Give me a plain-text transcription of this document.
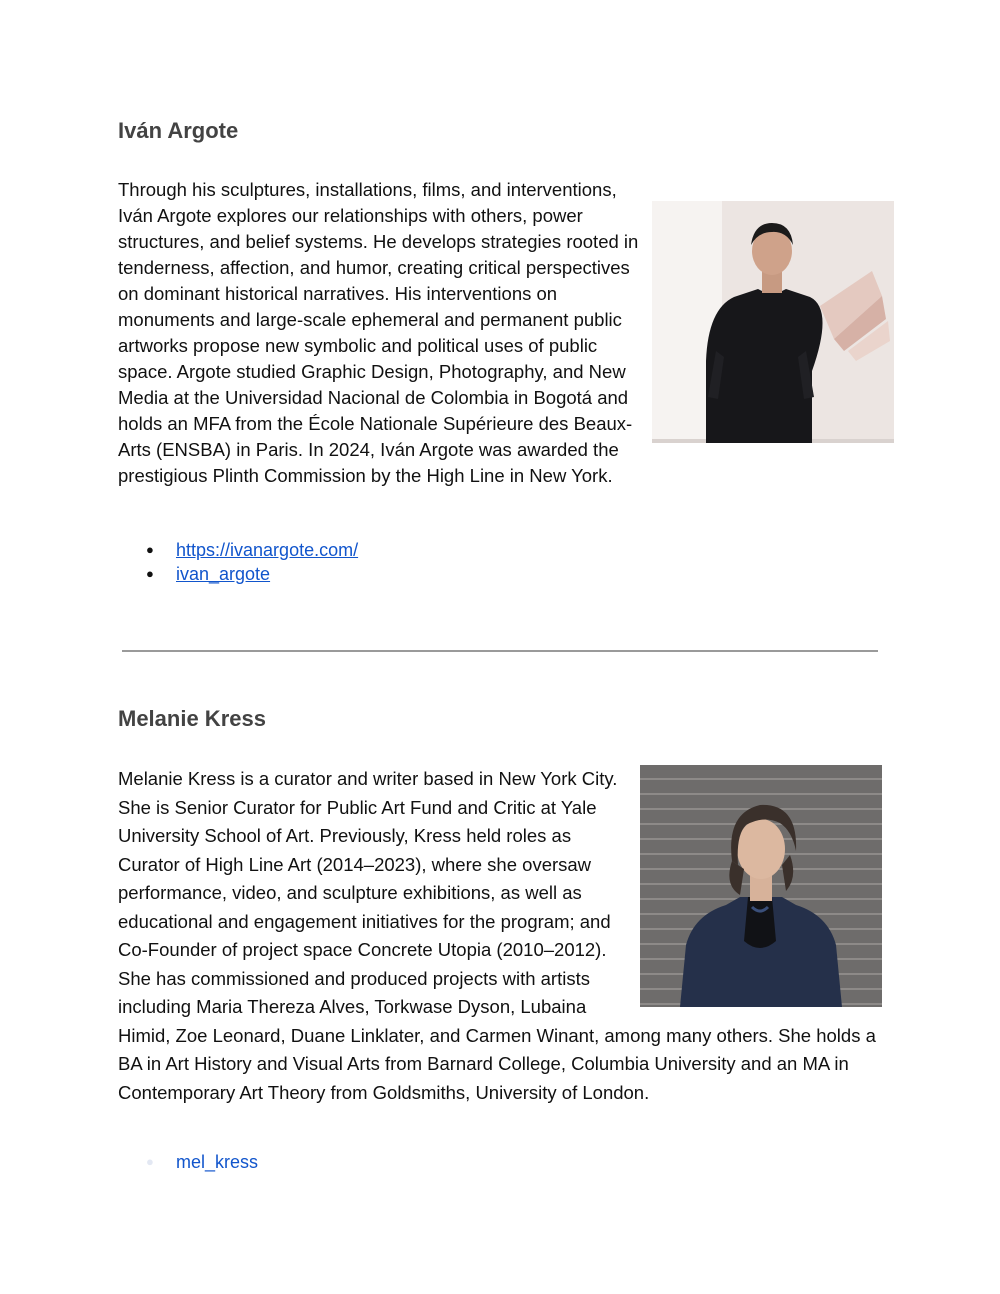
Iván Argote
Through his sculptures, installations, films, and interventions, Iván Argote explores our relationships with others, power structures, and belief systems. He develops strategies rooted in tenderness, affection, and humor, creating critical perspectives on dominant historical narratives. His interventions on monuments and large-scale ephemeral and permanent public artworks propose new symbolic and political uses of public space. Argote studied Graphic Design, Photography, and New Media at the Universidad Nacional de Colombia in Bogotá and holds an MFA from the École Nationale Supérieure des Beaux-Arts (ENSBA) in Paris. In 2024, Iván Argote was awarded the prestigious Plinth Commission by the High Line in New York.
● https://ivanargote.com/
● ivan_argote
Melanie Kress
Melanie Kress is a curator and writer based in New York City. She is Senior Curator for Public Art Fund and Critic at Yale University School of Art. Previously, Kress held roles as Curator of High Line Art (2014–2023), where she oversaw performance, video, and sculpture exhibitions, as well as educational and engagement initiatives for the program; and Co-Founder of project space Concrete Utopia (2010–2012). She has commissioned and produced projects with artists including Maria Thereza Alves, Torkwase Dyson, Lubaina Himid, Zoe Leonard, Duane Linklater, and Carmen Winant, among many others. She holds a BA in Art History and Visual Arts from Barnard College, Columbia University and an MA in Contemporary Art Theory from Goldsmiths, University of London.
● mel_kress
